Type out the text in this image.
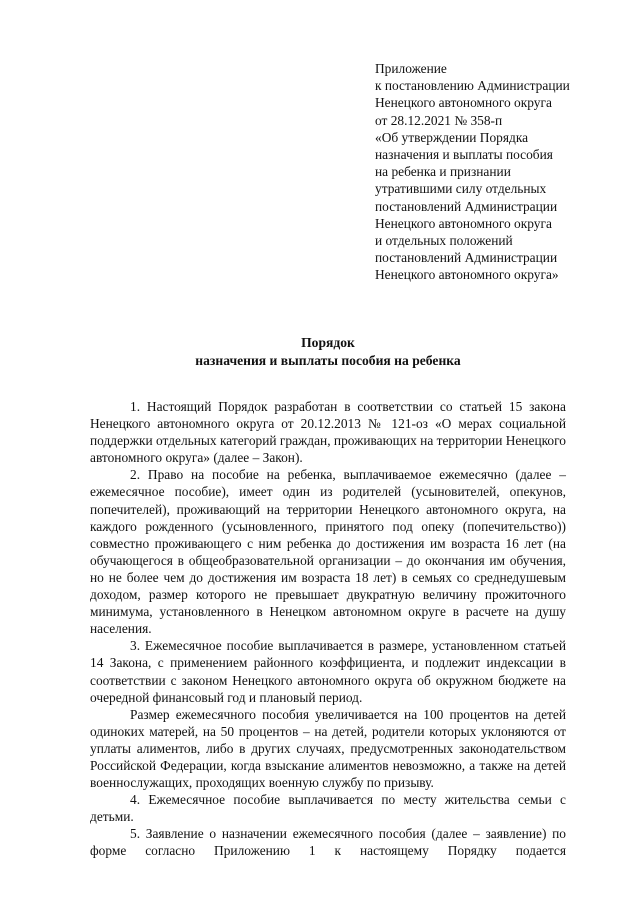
Приложение
к постановлению Администрации
Ненецкого автономного округа
от 28.12.2021 № 358-п
«Об утверждении Порядка
назначения и выплаты пособия
на ребенка и признании
утратившими силу отдельных
постановлений Администрации
Ненецкого автономного округа
и отдельных положений
постановлений Администрации
Ненецкого автономного округа»
Порядок
назначения и выплаты пособия на ребенка

1. Настоящий Порядок разработан в соответствии со статьей 15 закона Ненецкого автономного округа от 20.12.2013 № 121-оз «О мерах социальной поддержки отдельных категорий граждан, проживающих на территории Ненецкого автономного округа» (далее – Закон).

2. Право на пособие на ребенка, выплачиваемое ежемесячно (далее – ежемесячное пособие), имеет один из родителей (усыновителей, опекунов, попечителей), проживающий на территории Ненецкого автономного округа, на каждого рожденного (усыновленного, принятого под опеку (попечительство)) совместно проживающего с ним ребенка до достижения им возраста 16 лет (на обучающегося в общеобразовательной организации – до окончания им обучения, но не более чем до достижения им возраста 18 лет) в семьях со среднедушевым доходом, размер которого не превышает двукратную величину прожиточного минимума, установленного в Ненецком автономном округе в расчете на душу населения.

3. Ежемесячное пособие выплачивается в размере, установленном статьей 14 Закона, с применением районного коэффициента, и подлежит индексации в соответствии с законом Ненецкого автономного округа об окружном бюджете на очередной финансовый год и плановый период.

Размер ежемесячного пособия увеличивается на 100 процентов на детей одиноких матерей, на 50 процентов – на детей, родители которых уклоняются от уплаты алиментов, либо в других случаях, предусмотренных законодательством Российской Федерации, когда взыскание алиментов невозможно, а также на детей военнослужащих, проходящих военную службу по призыву.

4. Ежемесячное пособие выплачивается по месту жительства семьи с детьми.

5. Заявление о назначении ежемесячного пособия (далее – заявление) по форме согласно Приложению 1 к настоящему Порядку подается
